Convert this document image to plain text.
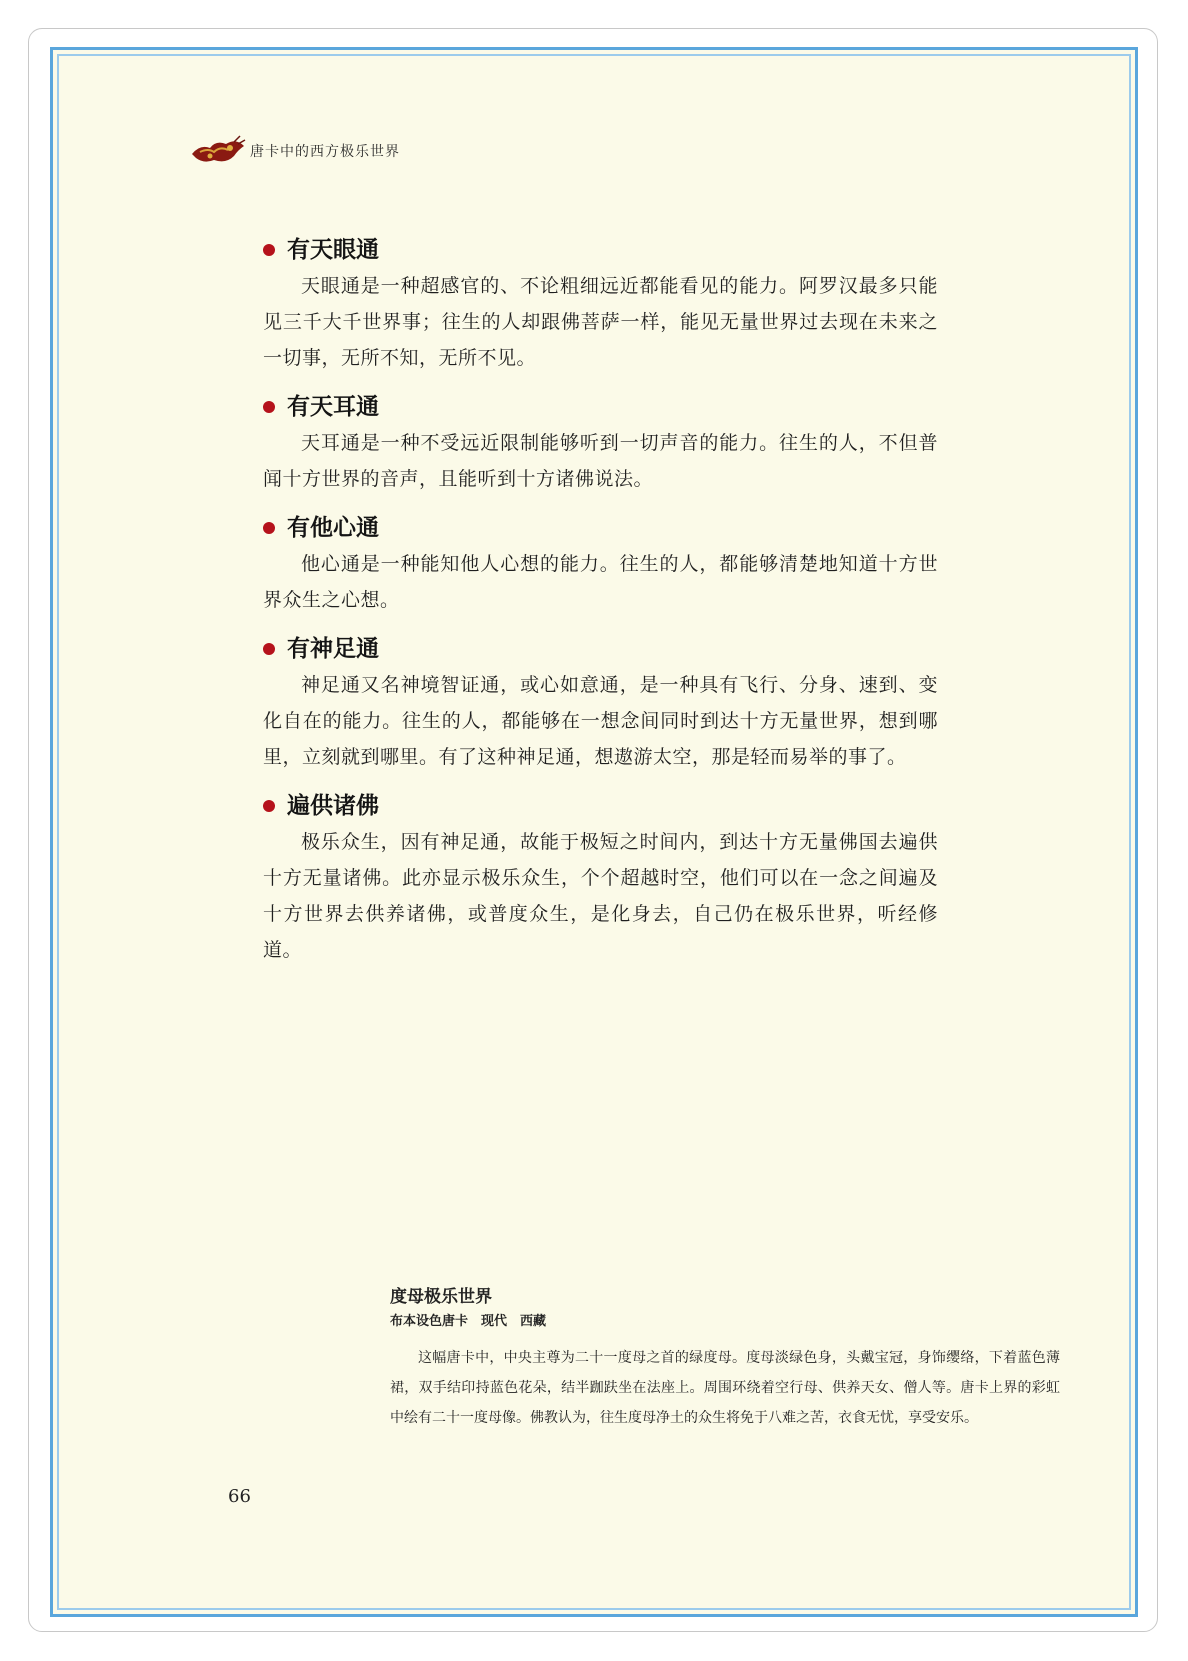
唐卡中的西方极乐世界
有天眼通

天眼通是一种超感官的、不论粗细远近都能看见的能力。阿罗汉最多只能见三千大千世界事；往生的人却跟佛菩萨一样，能见无量世界过去现在未来之一切事，无所不知，无所不见。

有天耳通

天耳通是一种不受远近限制能够听到一切声音的能力。往生的人，不但普闻十方世界的音声，且能听到十方诸佛说法。

有他心通

他心通是一种能知他人心想的能力。往生的人，都能够清楚地知道十方世界众生之心想。

有神足通

神足通又名神境智证通，或心如意通，是一种具有飞行、分身、速到、变化自在的能力。往生的人，都能够在一想念间同时到达十方无量世界，想到哪里，立刻就到哪里。有了这种神足通，想遨游太空，那是轻而易举的事了。

遍供诸佛

极乐众生，因有神足通，故能于极短之时间内，到达十方无量佛国去遍供十方无量诸佛。此亦显示极乐众生，个个超越时空，他们可以在一念之间遍及十方世界去供养诸佛，或普度众生，是化身去，自己仍在极乐世界，听经修道。

度母极乐世界
布本设色唐卡　现代　西藏

这幅唐卡中，中央主尊为二十一度母之首的绿度母。度母淡绿色身，头戴宝冠，身饰缨络，下着蓝色薄裙，双手结印持蓝色花朵，结半跏趺坐在法座上。周围环绕着空行母、供养天女、僧人等。唐卡上界的彩虹中绘有二十一度母像。佛教认为，往生度母净土的众生将免于八难之苦，衣食无忧，享受安乐。

66
